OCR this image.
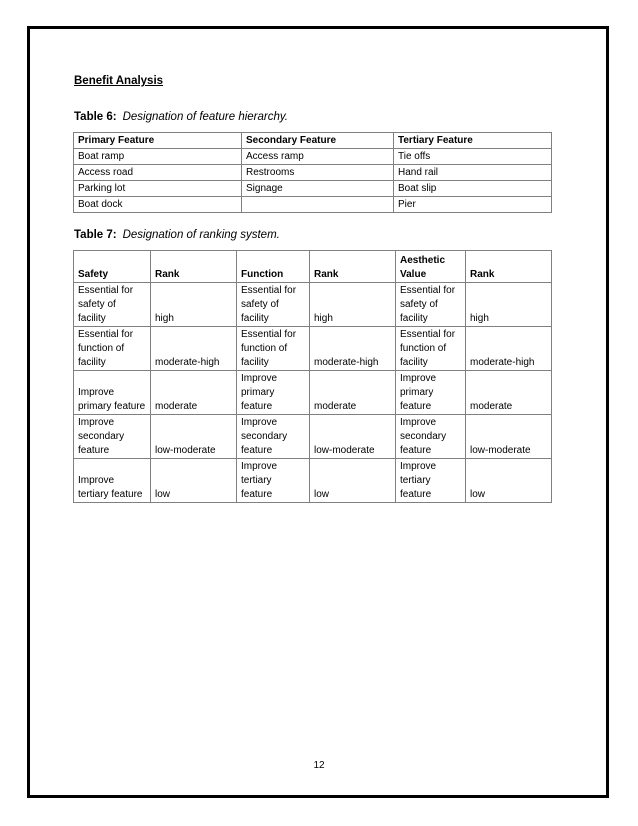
Benefit Analysis
Table 6: Designation of feature hierarchy.
Primary Feature	Secondary Feature	Tertiary Feature
Boat ramp	Access ramp	Tie offs
Access road	Restrooms	Hand rail
Parking lot	Signage	Boat slip
Boat dock		Pier
Table 7: Designation of ranking system.
Safety	Rank	Function	Rank	Aesthetic Value	Rank
Essential for safety of facility	high	Essential for safety of facility	high	Essential for safety of facility	high
Essential for function of facility	moderate-high	Essential for function of facility	moderate-high	Essential for function of facility	moderate-high
Improve primary feature	moderate	Improve primary feature	moderate	Improve primary feature	moderate
Improve secondary feature	low-moderate	Improve secondary feature	low-moderate	Improve secondary feature	low-moderate
Improve tertiary feature	low	Improve tertiary feature	low	Improve tertiary feature	low
12
